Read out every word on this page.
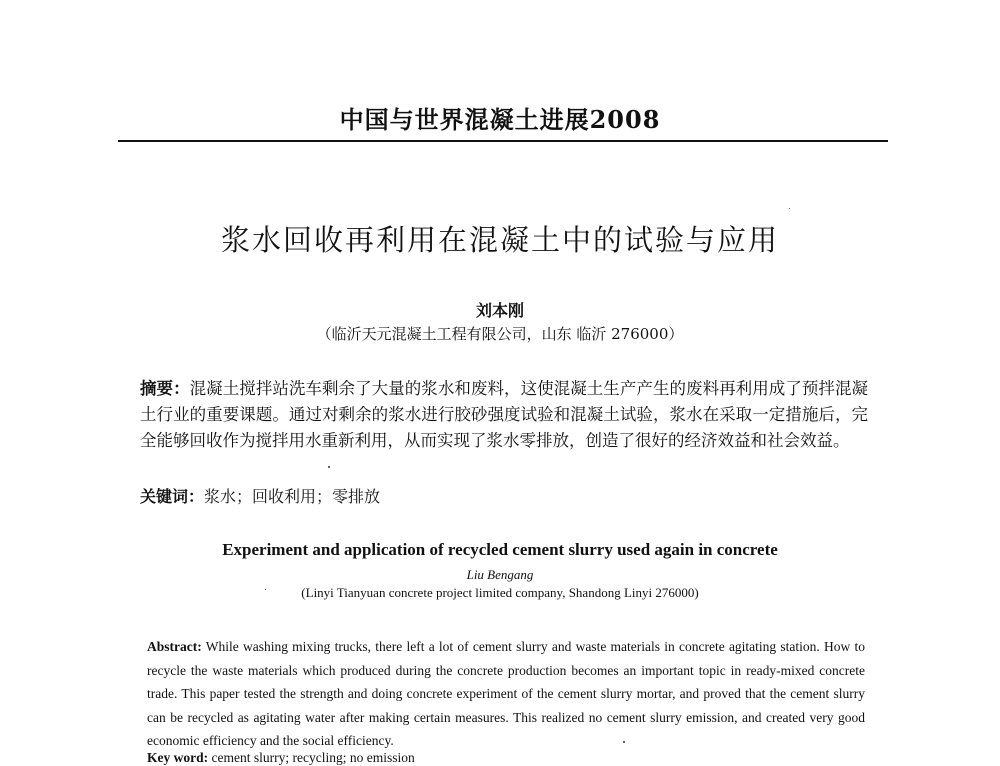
中国与世界混凝土进展2008
浆水回收再利用在混凝土中的试验与应用
刘本刚
（临沂天元混凝土工程有限公司，山东 临沂 276000）
摘要：混凝土搅拌站洗车剩余了大量的浆水和废料，这使混凝土生产产生的废料再利用成了预拌混凝土行业的重要课题。通过对剩余的浆水进行胶砂强度试验和混凝土试验，浆水在采取一定措施后，完全能够回收作为搅拌用水重新利用，从而实现了浆水零排放，创造了很好的经济效益和社会效益。
关键词：浆水；回收利用；零排放
Experiment and application of recycled cement slurry used again in concrete
Liu Bengang
(Linyi Tianyuan concrete project limited company, Shandong Linyi 276000)
Abstract: While washing mixing trucks, there left a lot of cement slurry and waste materials in concrete agitating station. How to recycle the waste materials which produced during the concrete production becomes an important topic in ready-mixed concrete trade. This paper tested the strength and doing concrete experiment of the cement slurry mortar, and proved that the cement slurry can be recycled as agitating water after making certain measures. This realized no cement slurry emission, and created very good economic efficiency and the social efficiency.
Key word: cement slurry; recycling; no emission
